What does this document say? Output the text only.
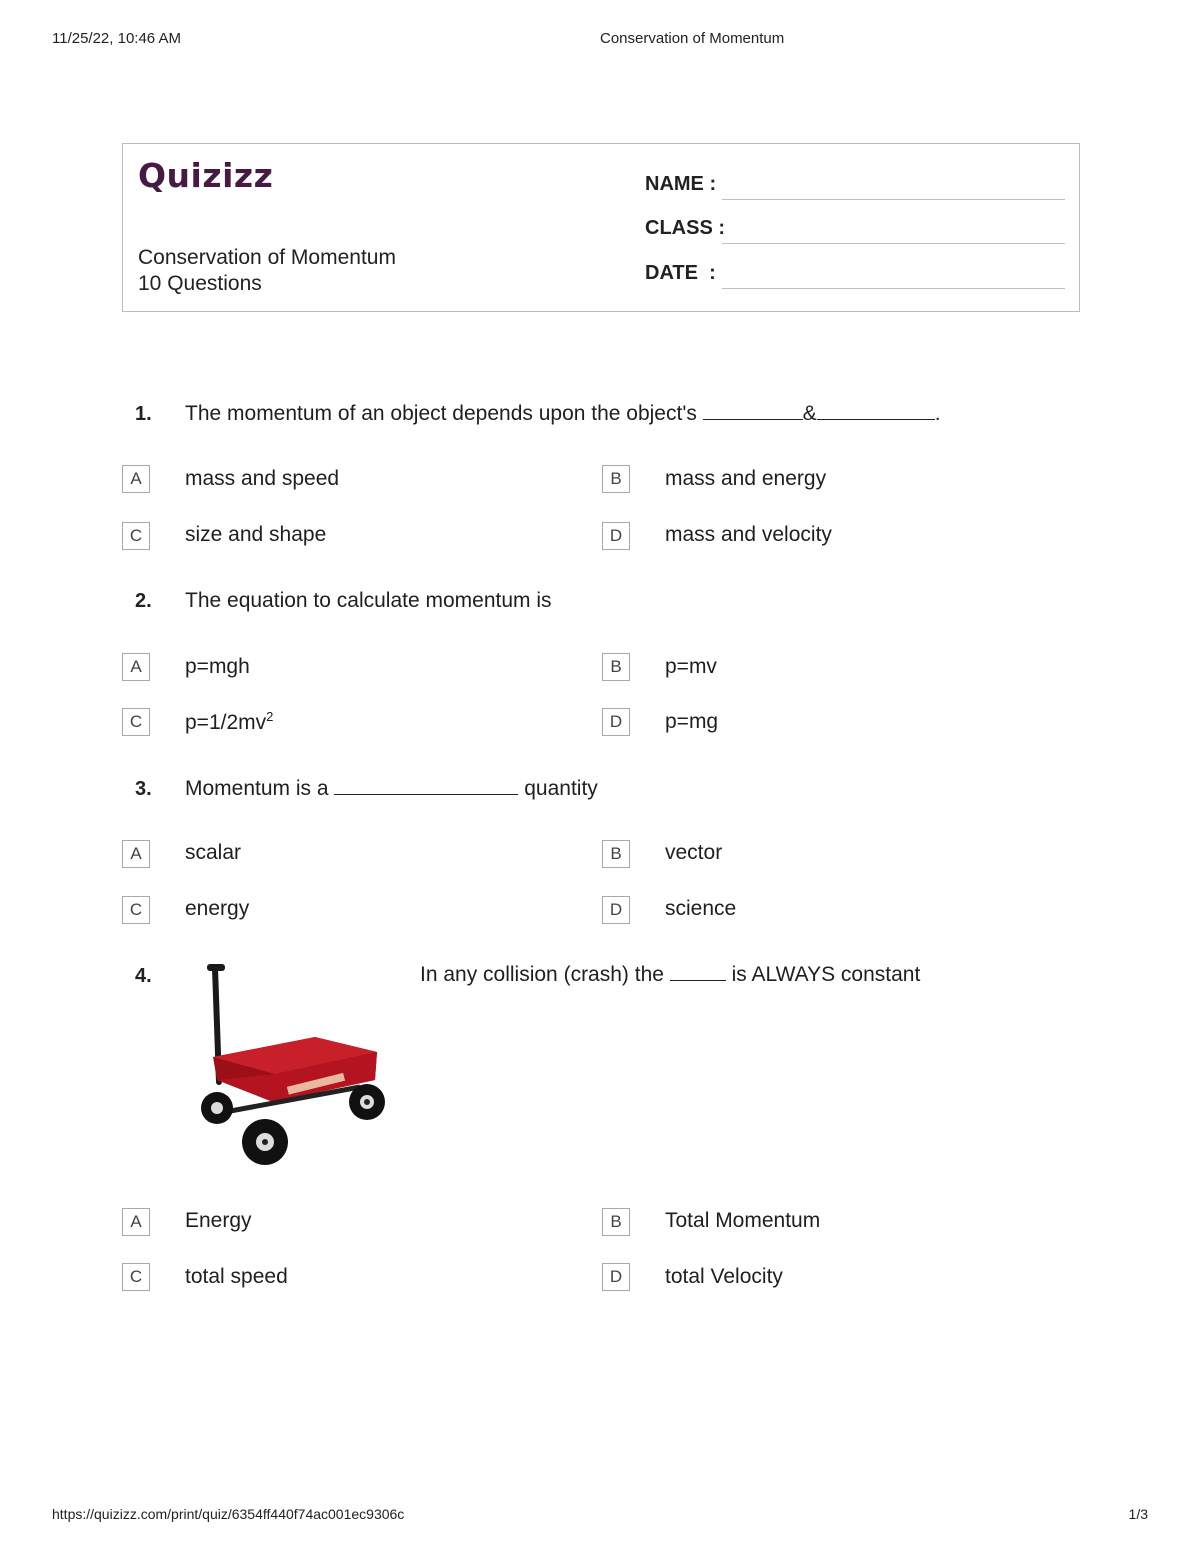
11/25/22, 10:46 AM	Conservation of Momentum
Quizizz
Conservation of Momentum
10 Questions
NAME :
CLASS :
DATE  :
1. The momentum of an object depends upon the object's	&	.
A	mass and speed	B	mass and energy
C	size and shape	D	mass and velocity
2. The equation to calculate momentum is
A	p=mgh	B	p=mv
C	$p=1/2mv^2$	D	p=mg
3. Momentum is a	quantity
A	scalar	B	vector
C	energy	D	science
4.	In any collision (crash) the	is ALWAYS constant
A	Energy	B	Total Momentum
C	total speed	D	total Velocity
https://quizizz.com/print/quiz/6354ff440f74ac001ec9306c	1/3
